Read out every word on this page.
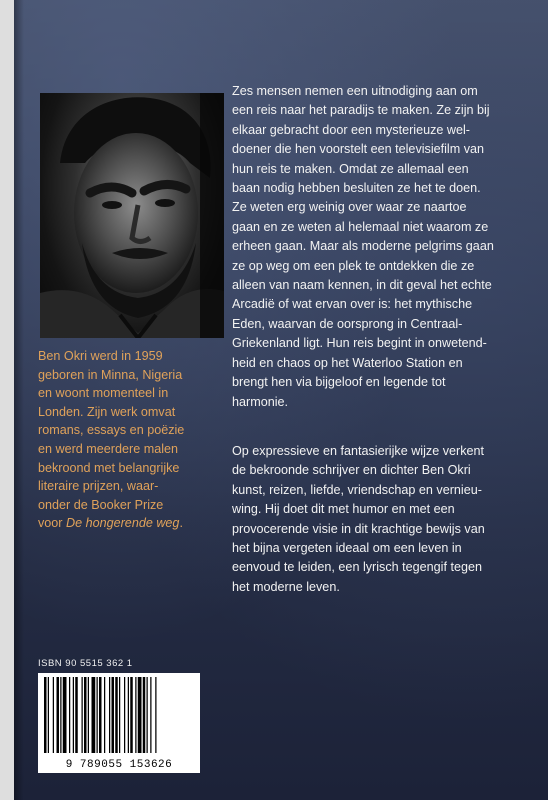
Ben Okri werd in 1959
geboren in Minna, Nigeria
en woont momenteel in
Londen. Zijn werk omvat
romans, essays en poëzie
en werd meerdere malen
bekroond met belangrijke
literaire prijzen, waar-
onder de Booker Prize
voor De hongerende weg.

Zes mensen nemen een uitnodiging aan om
een reis naar het paradijs te maken. Ze zijn bij
elkaar gebracht door een mysterieuze wel-
doener die hen voorstelt een televisiefilm van
hun reis te maken. Omdat ze allemaal een
baan nodig hebben besluiten ze het te doen.
Ze weten erg weinig over waar ze naartoe
gaan en ze weten al helemaal niet waarom ze
erheen gaan. Maar als moderne pelgrims gaan
ze op weg om een plek te ontdekken die ze
alleen van naam kennen, in dit geval het echte
Arcadië of wat ervan over is: het mythische
Eden, waarvan de oorsprong in Centraal-
Griekenland ligt. Hun reis begint in onwetend-
heid en chaos op het Waterloo Station en
brengt hen via bijgeloof en legende tot
harmonie.

Op expressieve en fantasierijke wijze verkent
de bekroonde schrijver en dichter Ben Okri
kunst, reizen, liefde, vriendschap en vernieu-
wing. Hij doet dit met humor en met een
provocerende visie in dit krachtige bewijs van
het bijna vergeten ideaal om een leven in
eenvoud te leiden, een lyrisch tegengif tegen
het moderne leven.

ISBN 90 5515 362 1
9 789055 153626
